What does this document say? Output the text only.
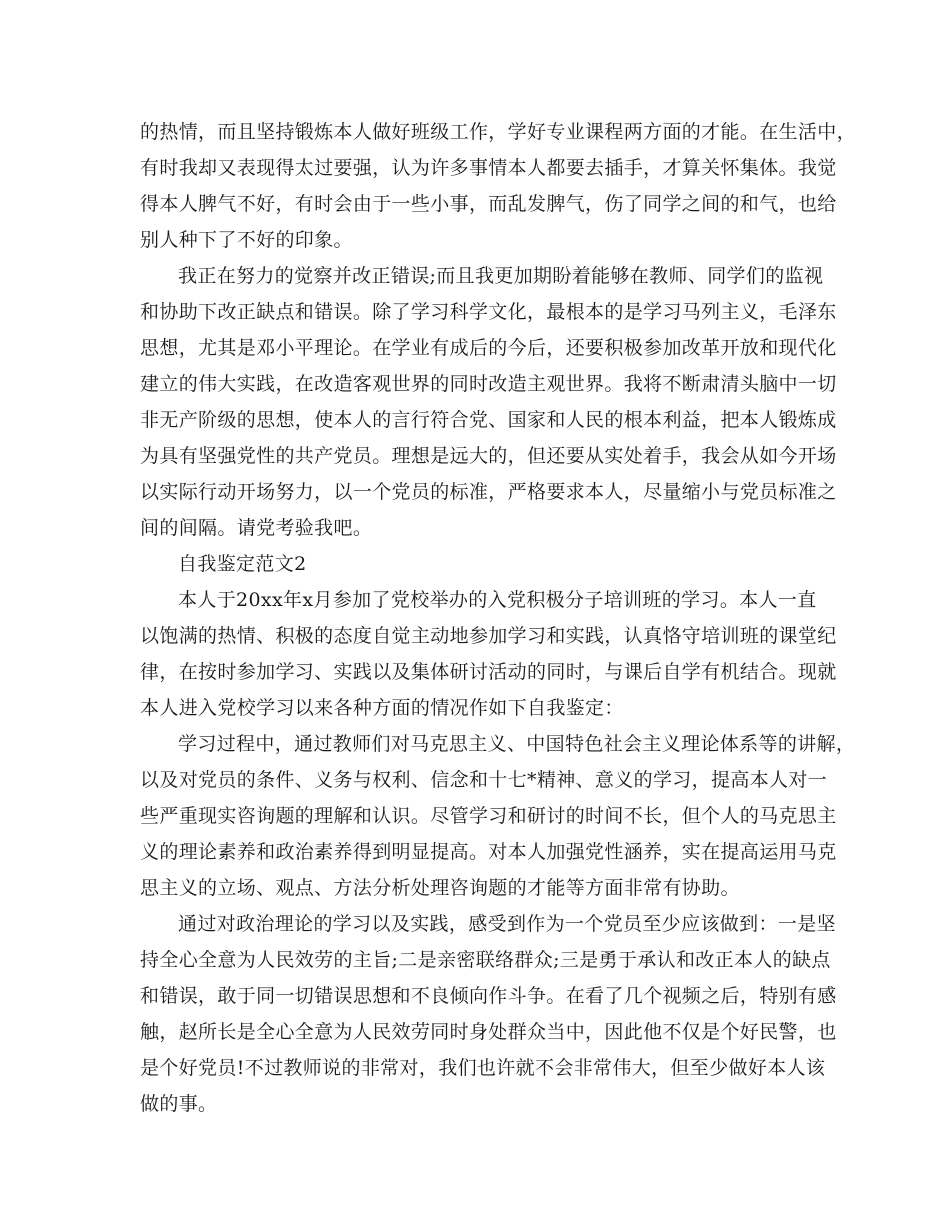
的热情，而且坚持锻炼本人做好班级工作，学好专业课程两方面的才能。在生活中，
有时我却又表现得太过要强，认为许多事情本人都要去插手，才算关怀集体。我觉
得本人脾气不好，有时会由于一些小事，而乱发脾气，伤了同学之间的和气，也给
别人种下了不好的印象。
我正在努力的觉察并改正错误;而且我更加期盼着能够在教师、同学们的监视
和协助下改正缺点和错误。除了学习科学文化，最根本的是学习马列主义，毛泽东
思想，尤其是邓小平理论。在学业有成后的今后，还要积极参加改革开放和现代化
建立的伟大实践，在改造客观世界的同时改造主观世界。我将不断肃清头脑中一切
非无产阶级的思想，使本人的言行符合党、国家和人民的根本利益，把本人锻炼成
为具有坚强党性的共产党员。理想是远大的，但还要从实处着手，我会从如今开场
以实际行动开场努力，以一个党员的标准，严格要求本人，尽量缩小与党员标准之
间的间隔。请党考验我吧。
自我鉴定范文2
本人于20xx年x月参加了党校举办的入党积极分子培训班的学习。本人一直
以饱满的热情、积极的态度自觉主动地参加学习和实践，认真恪守培训班的课堂纪
律，在按时参加学习、实践以及集体研讨活动的同时，与课后自学有机结合。现就
本人进入党校学习以来各种方面的情况作如下自我鉴定：
学习过程中，通过教师们对马克思主义、中国特色社会主义理论体系等的讲解，
以及对党员的条件、义务与权利、信念和十七*精神、意义的学习，提高本人对一
些严重现实咨询题的理解和认识。尽管学习和研讨的时间不长，但个人的马克思主
义的理论素养和政治素养得到明显提高。对本人加强党性涵养，实在提高运用马克
思主义的立场、观点、方法分析处理咨询题的才能等方面非常有协助。
通过对政治理论的学习以及实践，感受到作为一个党员至少应该做到：一是坚
持全心全意为人民效劳的主旨;二是亲密联络群众;三是勇于承认和改正本人的缺点
和错误，敢于同一切错误思想和不良倾向作斗争。在看了几个视频之后，特别有感
触，赵所长是全心全意为人民效劳同时身处群众当中，因此他不仅是个好民警，也
是个好党员!不过教师说的非常对，我们也许就不会非常伟大，但至少做好本人该
做的事。
